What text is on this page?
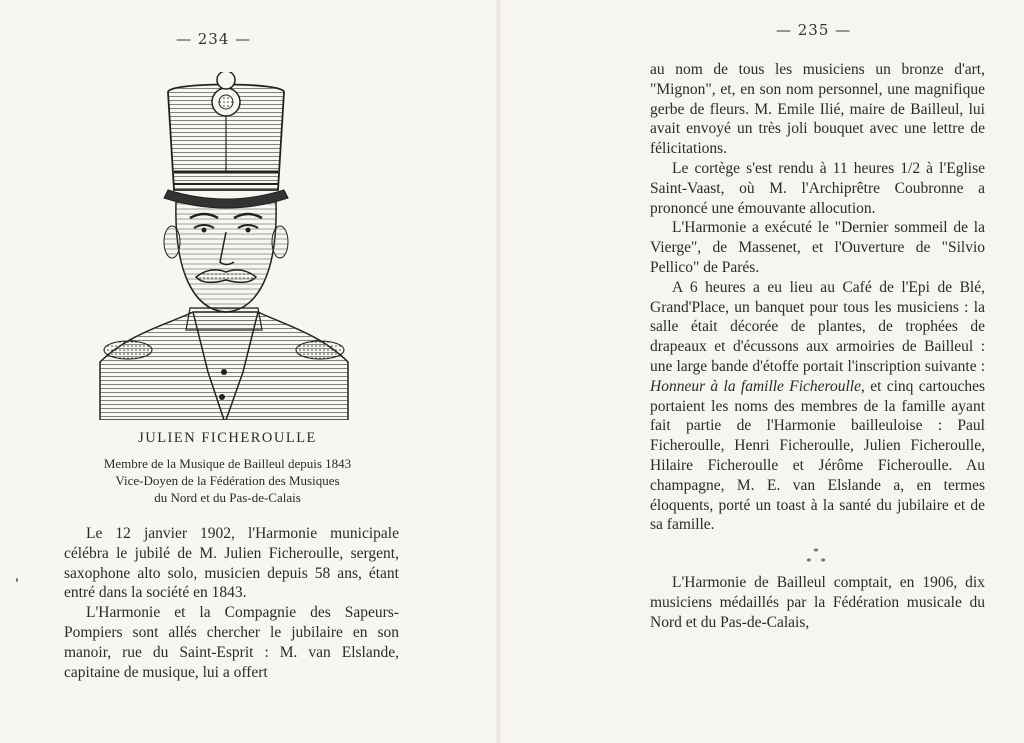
— 234 —
JULIEN FICHEROULLE
Membre de la Musique de Bailleul depuis 1843
Vice-Doyen de la Fédération des Musiques
du Nord et du Pas-de-Calais

Le 12 janvier 1902, l'Harmonie municipale célébra le jubilé de M. Julien Ficheroulle, sergent, saxophone alto solo, musicien depuis 58 ans, étant entré dans la société en 1843.

L'Harmonie et la Compagnie des Sapeurs-Pompiers sont allés chercher le jubilaire en son manoir, rue du Saint-Esprit : M. van Elslande, capitaine de musique, lui a offert

— 235 —

au nom de tous les musiciens un bronze d'art, "Mignon", et, en son nom personnel, une magnifique gerbe de fleurs. M. Emile Ilié, maire de Bailleul, lui avait envoyé un très joli bouquet avec une lettre de félicitations.

Le cortège s'est rendu à 11 heures 1/2 à l'Eglise Saint-Vaast, où M. l'Archiprêtre Coubronne a prononcé une émouvante allocution.

L'Harmonie a exécuté le "Dernier sommeil de la Vierge", de Massenet, et l'Ouverture de "Silvio Pellico" de Parés.

A 6 heures a eu lieu au Café de l'Epi de Blé, Grand'Place, un banquet pour tous les musiciens : la salle était décorée de plantes, de trophées de drapeaux et d'écussons aux armoiries de Bailleul : une large bande d'étoffe portait l'inscription suivante : Honneur à la famille Ficheroulle, et cinq cartouches portaient les noms des membres de la famille ayant fait partie de l'Harmonie bailleuloise : Paul Ficheroulle, Henri Ficheroulle, Julien Ficheroulle, Hilaire Ficheroulle et Jérôme Ficheroulle. Au champagne, M. E. van Elslande a, en termes éloquents, porté un toast à la santé du jubilaire et de sa famille.

*
* *

L'Harmonie de Bailleul comptait, en 1906, dix musiciens médaillés par la Fédération musicale du Nord et du Pas-de-Calais,
